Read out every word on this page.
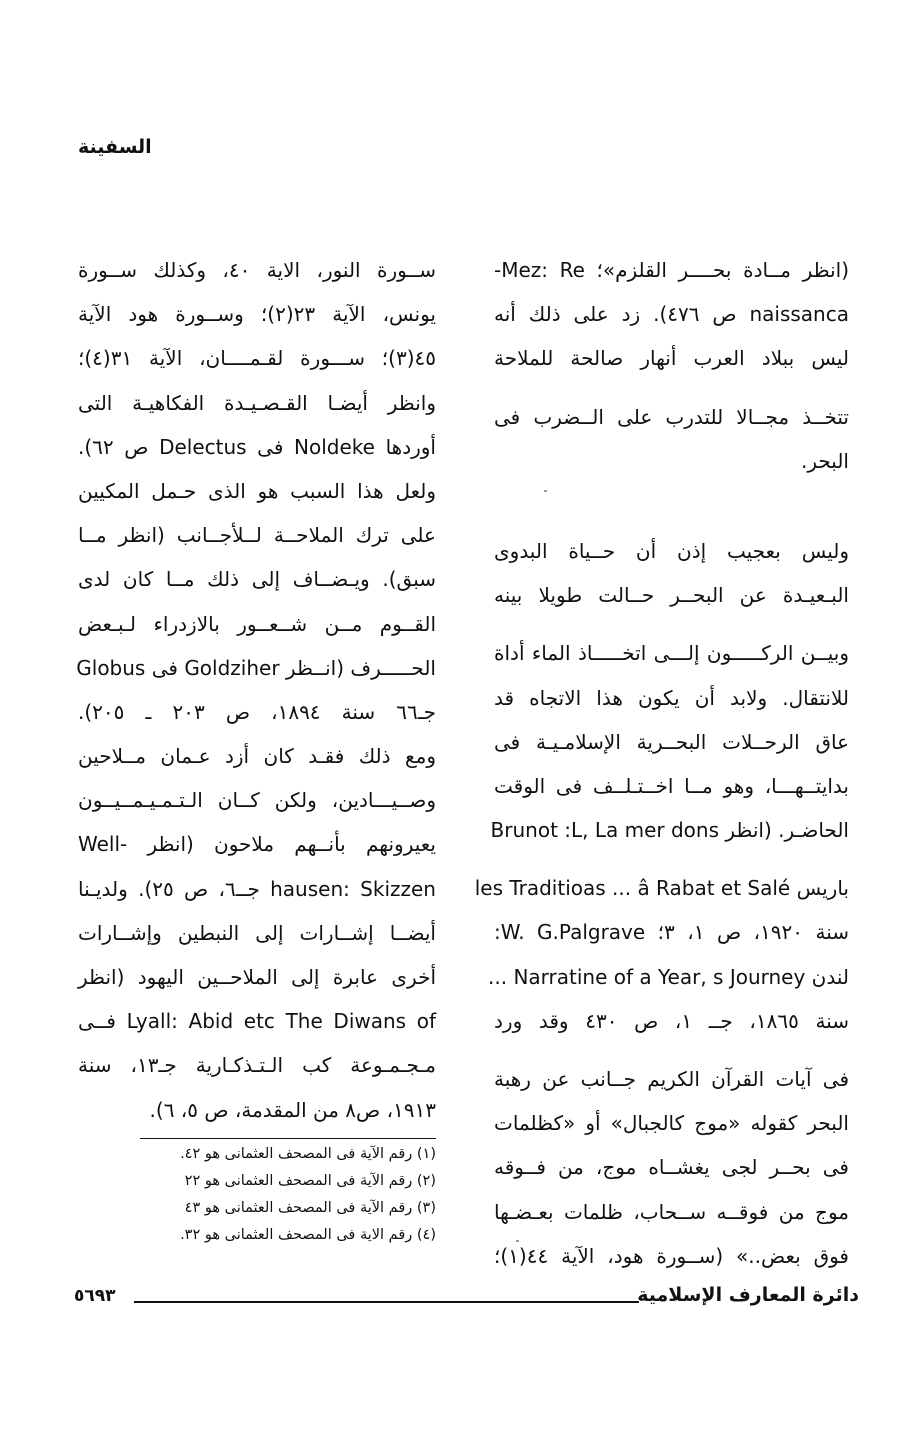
السفينة
(انظر مــادة بحــــر القلزم»؛ Mez: Re-
naissanca ص ٤٧٦). زد على ذلك أنه
ليس ببلاد العرب أنهار صالحة للملاحة
تتخــذ مجــالا للتدرب على الــضرب فى
البحر.
وليس بعجيب إذن أن حــياة البدوى
البـعيـدة عن البحــر حــالت طويلا بينه
وبيــن الركـــــون إلـــى اتخـــــاذ الماء أداة
للانتقال. ولابد أن يكون هذا الاتجاه قد
عاق الرحــلات البحــرية الإسلامـيـة فى
بدايتــهـــا، وهو مــا اخــتـلــف فى الوقت
الحاضـر. (انظر Brunot :L, La mer dons
باريس les Traditioas ... â Rabat et Salé
سنة ١٩٢٠، ص ١، ٣؛ W. G.Palgrave:
لندن Narratine of a Year, s Journey ...
سنة ١٨٦٥، جــ ١، ص ٤٣٠ وقد ورد
فى آيات القرآن الكريم جــانب عن رهبة
البحر كقوله «موج كالجبال» أو «كظلمات
فى بحــر لجى يغشــاه موج، من فــوقه
موج من فوقــه ســحاب، ظلمات بعـضـها
فوق بعض..» (ســورة هود، الآية ٤٤(١)؛
ســورة النور، الاية ٤٠، وكذلك ســورة
يونس، الآية ٢٣(٢)؛ وســورة هود الآية
٤٥(٣)؛ ســـورة لقـمــــان، الآية ٣١(٤)؛
وانظر أيضـا القـصـيـدة الفكاهيـة التى
أوردها Noldeke فى Delectus ص ٦٢).
ولعل هذا السبب هو الذى حـمل المكيين
على ترك الملاحــة لــلأجــانب (انظر مــا
سبق). ويـضــاف إلى ذلك مــا كان لدى
القــوم مــن شــعــور بالازدراء لـبـعض
الحـــــرف (انــظر Goldziher فى Globus
جـ٦٦ سنة ١٨٩٤، ص ٢٠٣ ـ ٢٠٥).
ومع ذلك فقـد كان أزد عـمان مــلاحين
وصــيـــادين، ولكن كــان الـتـمـيـمــيــون
يعيرونهم بأنــهم ملاحون (انظر -Well
hausen: Skizzen جــ٦، ص ٢٥). ولديـنا
أيضــا إشــارات إلى النبطين وإشــارات
أخرى عابرة إلى الملاحــين اليهود (انظر
Lyall: Abid etc The Diwans of فــى
مـجـمـوعة كب الـتـذكـارية جـ١٣، سنة
١٩١٣، ص٨ من المقدمة، ص ٥، ٦).
(١) رقم الآية فى المصحف العثمانى هو ٤٢.
(٢) رقم الآية فى المصحف العثمانى هو ٢٢
(٣) رقم الآية فى المصحف العثمانى هو ٤٣
(٤) رقم الاية فى المصحف العثمانى هو ٣٢.
دائرة المعارف الإسلامية
٥٦٩٣
